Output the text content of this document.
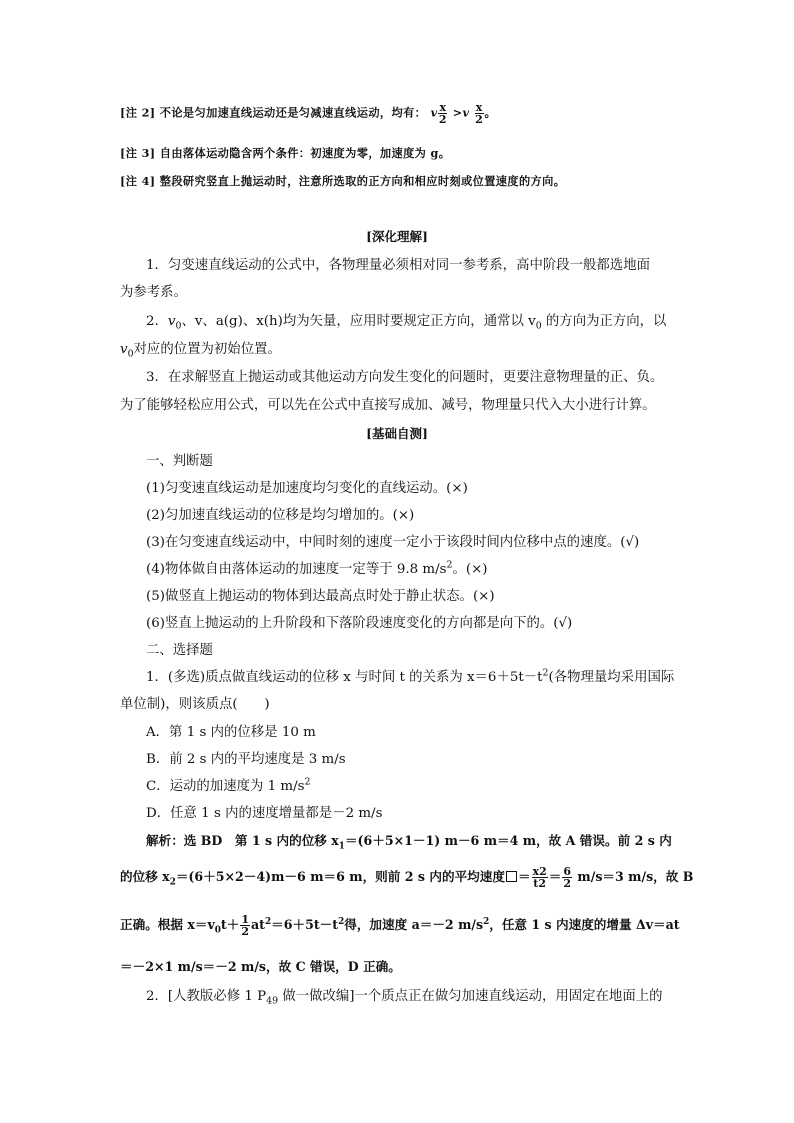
[注 2] 不论是匀加速直线运动还是匀减速直线运动，均有： v $\frac{x}{2} >v \frac{x}{2}$ 。
[注 3] 自由落体运动隐含两个条件：初速度为零，加速度为 g。
[注 4] 整段研究竖直上抛运动时，注意所选取的正方向和相应时刻或位置速度的方向。
[深化理解]
1．匀变速直线运动的公式中，各物理量必须相对同一参考系，高中阶段一般都选地面
为参考系。
2．$v_0$、v、a(g)、x(h)均为矢量，应用时要规定正方向，通常以 $v_0$ 的方向为正方向，以
$v_0$对应的位置为初始位置。
3．在求解竖直上抛运动或其他运动方向发生变化的问题时，更要注意物理量的正、负。
为了能够轻松应用公式，可以先在公式中直接写成加、减号，物理量只代入大小进行计算。
[基础自测]
一、判断题
(1)匀变速直线运动是加速度均匀变化的直线运动。(×)
(2)匀加速直线运动的位移是均匀增加的。(×)
(3)在匀变速直线运动中，中间时刻的速度一定小于该段时间内位移中点的速度。(√)
(4)物体做自由落体运动的加速度一定等于 9.8 $m/s^2$。(×)
(5)做竖直上抛运动的物体到达最高点时处于静止状态。(×)
(6)竖直上抛运动的上升阶段和下落阶段速度变化的方向都是向下的。(√)
二、选择题
1．(多选)质点做直线运动的位移 x 与时间 t 的关系为 $x=6+5t-t^2$(各物理量均采用国际
单位制)，则该质点(　　)
A．第 1 s 内的位移是 10 m
B．前 2 s 内的平均速度是 3 m/s
C．运动的加速度为 1 $m/s^2$
D．任意 1 s 内的速度增量都是－2 m/s
解析：选 BD　第 1 s 内的位移 $x_1=(6+5\times 1-1)$ m－6 m＝4 m，故 A 错误。前 2 s 内
的位移 $x_2=(6+5\times 2-4)m-6$ m＝6 m，则前 2 s 内的平均速度 ＝ $\frac{x2}{t2} = \frac{6}{2} m/s=3$ m/s，故 B
正确。根据 $x=v_0t+ \frac{1}{2} at^2=6+5t-t^2$得，加速度 a＝－2 $m/s^2$，任意 1 s 内速度的增量 Δv＝at
＝－2×1 m/s＝－2 m/s，故 C 错误，D 正确。
2．[人教版必修 1 $P_{49}$ 做一做改编]一个质点正在做匀加速直线运动，用固定在地面上的
